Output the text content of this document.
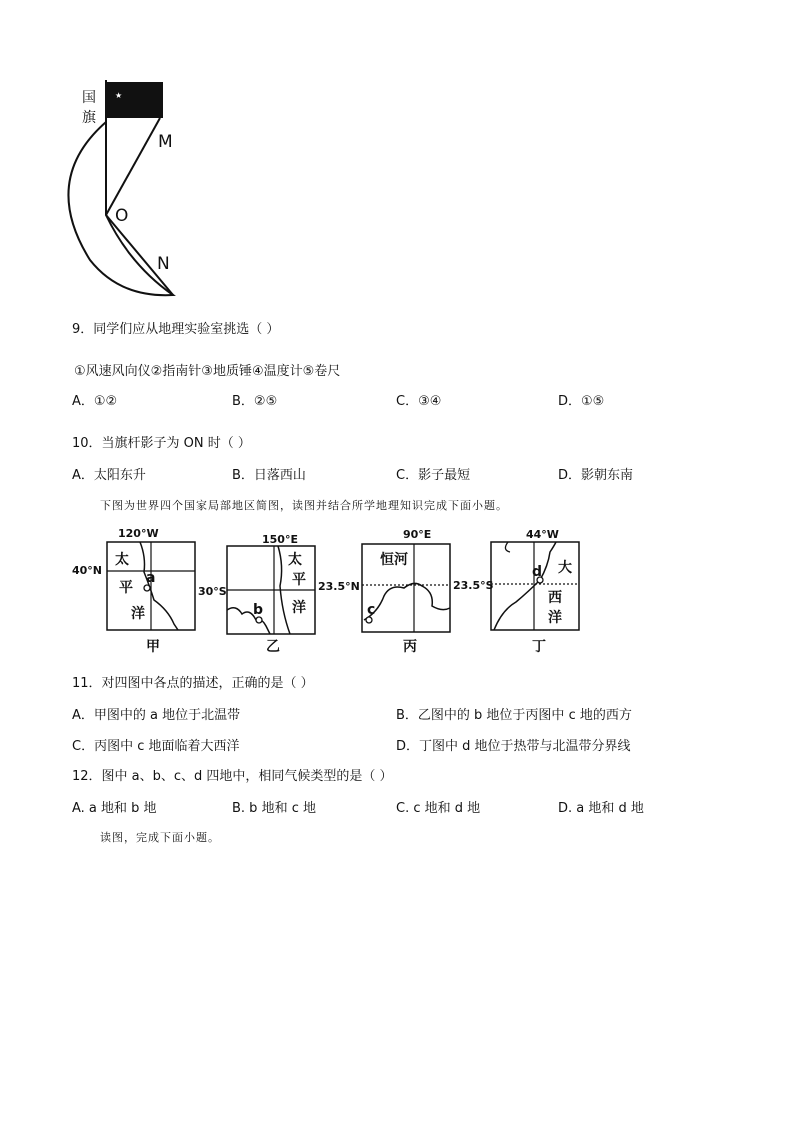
国
旗
★
M
O
N
9．同学们应从地理实验室挑选（ ）
①风速风向仪②指南针③地质锤④温度计⑤卷尺
A．①②	B．②⑤	C．③④	D．①⑤
10．当旗杆影子为 ON 时（ ）
A．太阳东升	B．日落西山	C．影子最短	D．影朝东南
下图为世界四个国家局部地区简图，读图并结合所学地理知识完成下面小题。
120°W
40°N
太
平
洋
a
甲
150°E
30°S
太
平
洋
b
乙
90°E
23.5°N
恒河
c
丙
44°W
23.5°S
大
西
洋
d
丁
11．对四图中各点的描述，正确的是（ ）
A．甲图中的 a 地位于北温带	B．乙图中的 b 地位于丙图中 c 地的西方
C．丙图中 c 地面临着大西洋	D．丁图中 d 地位于热带与北温带分界线
12．图中 a、b、c、d 四地中，相同气候类型的是（ ）
A. a 地和 b 地	B. b 地和 c 地	C. c 地和 d 地	D. a 地和 d 地
读图，完成下面小题。
